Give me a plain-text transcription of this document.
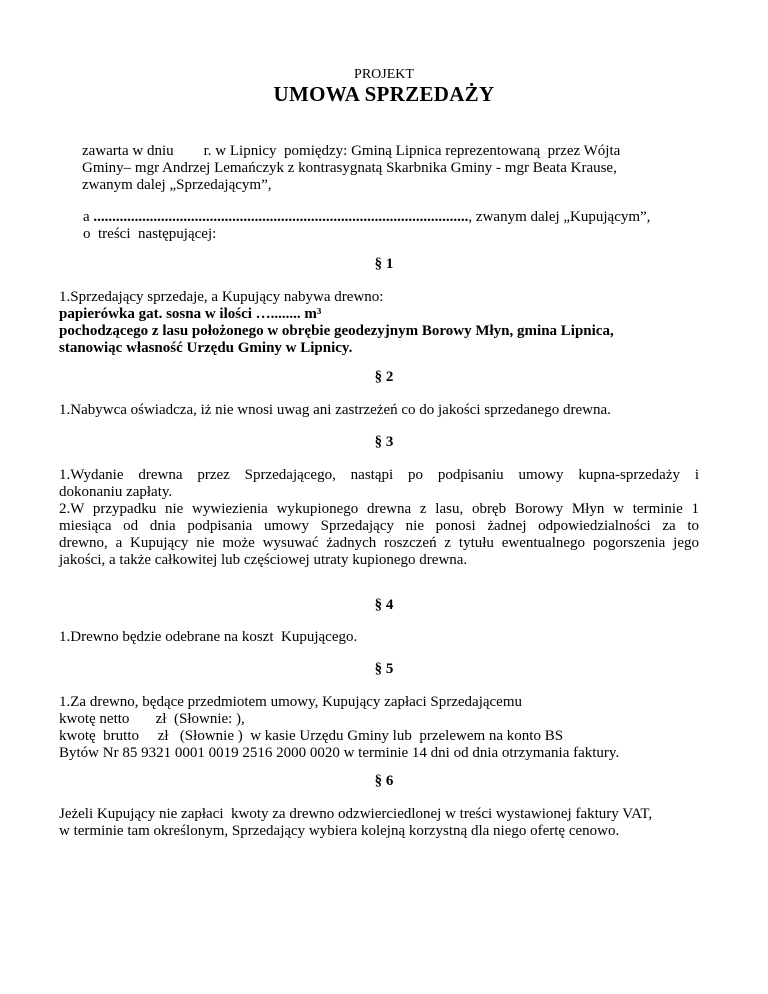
PROJEKT
UMOWA SPRZEDAŻY
zawarta w dniu        r. w Lipnicy  pomiędzy: Gminą Lipnica reprezentowaną  przez Wójta
Gminy– mgr Andrzej Lemańczyk z kontrasygnatą Skarbnika Gminy - mgr Beata Krause,
zwanym dalej „Sprzedającym”,
a ...................................................................................................., zwanym dalej „Kupującym”,
o  treści  następującej:
§ 1
1.Sprzedający sprzedaje, a Kupujący nabywa drewno:
papierówka gat. sosna w ilości …........ m³
pochodzącego z lasu położonego w obrębie geodezyjnym Borowy Młyn, gmina Lipnica,
stanowiąc własność Urzędu Gminy w Lipnicy.
§ 2
1.Nabywca oświadcza, iż nie wnosi uwag ani zastrzeżeń co do jakości sprzedanego drewna.
§ 3
1.Wydanie drewna przez Sprzedającego, nastąpi po podpisaniu umowy kupna-sprzedaży i
dokonaniu zapłaty.
2.W przypadku nie wywiezienia wykupionego drewna z lasu, obręb Borowy Młyn w terminie 1
miesiąca od dnia podpisania umowy Sprzedający nie ponosi żadnej odpowiedzialności za to
drewno, a Kupujący nie może wysuwać żadnych roszczeń z tytułu ewentualnego pogorszenia jego
jakości, a także całkowitej lub częściowej utraty kupionego drewna.
§ 4
1.Drewno będzie odebrane na koszt  Kupującego.
§ 5
1.Za drewno, będące przedmiotem umowy, Kupujący zapłaci Sprzedającemu
kwotę netto       zł  (Słownie: ),
kwotę  brutto     zł   (Słownie )  w kasie Urzędu Gminy lub  przelewem na konto BS
Bytów Nr 85 9321 0001 0019 2516 2000 0020 w terminie 14 dni od dnia otrzymania faktury.
§ 6
Jeżeli Kupujący nie zapłaci  kwoty za drewno odzwierciedlonej w treści wystawionej faktury VAT,
w terminie tam określonym, Sprzedający wybiera kolejną korzystną dla niego ofertę cenowo.
